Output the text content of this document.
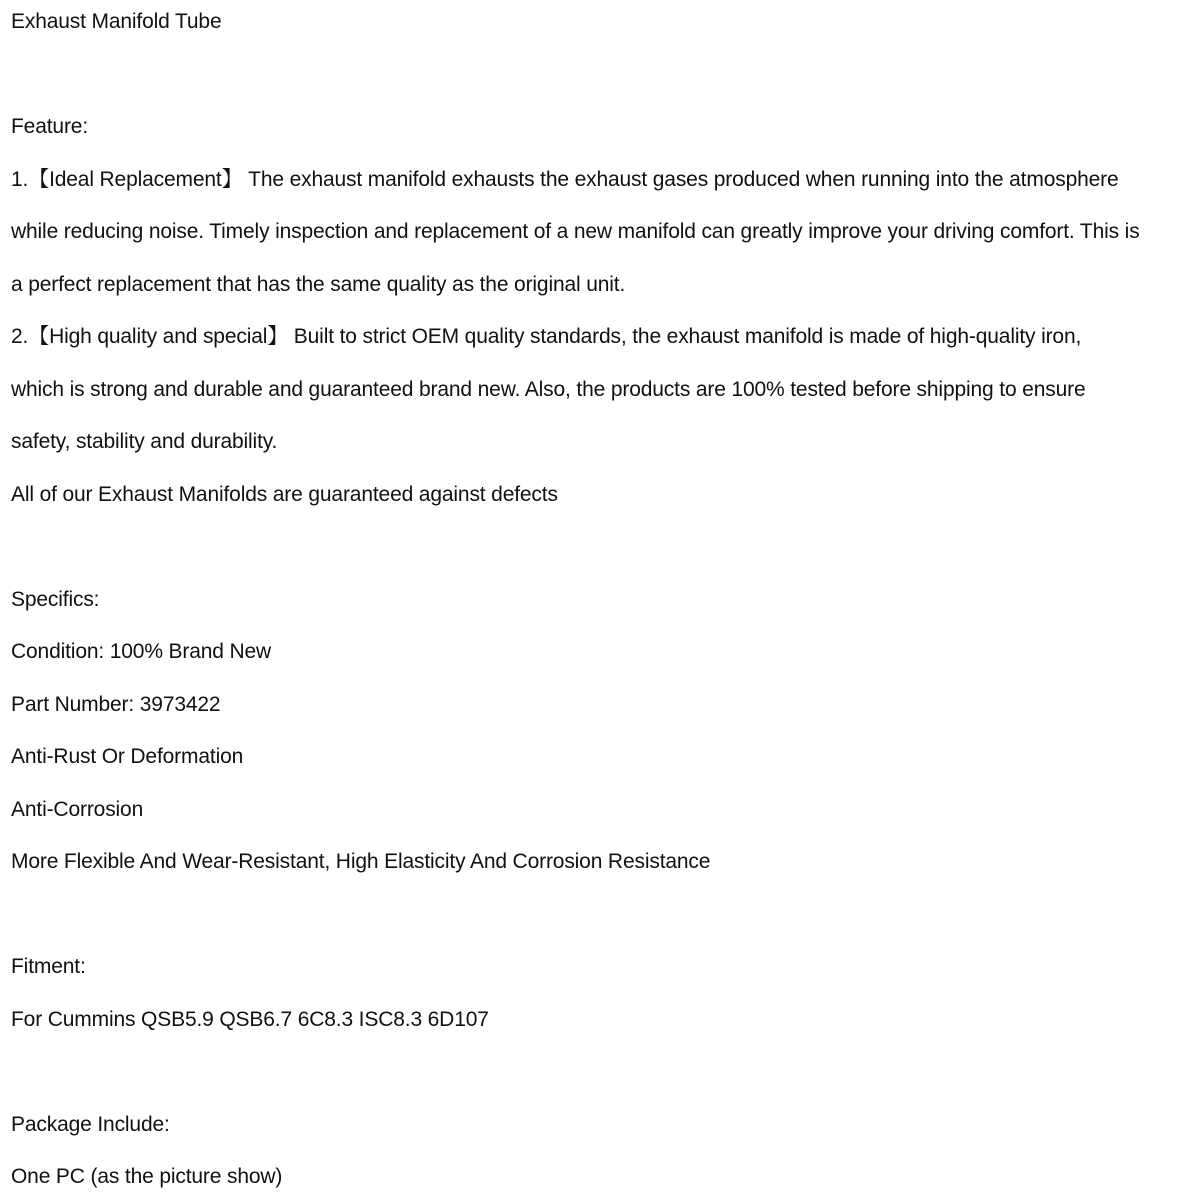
Exhaust Manifold Tube

Feature:

1.【Ideal Replacement】 The exhaust manifold exhausts the exhaust gases produced when running into the atmosphere

while reducing noise. Timely inspection and replacement of a new manifold can greatly improve your driving comfort. This is

a perfect replacement that has the same quality as the original unit.

2.【High quality and special】 Built to strict OEM quality standards, the exhaust manifold is made of high-quality iron,

which is strong and durable and guaranteed brand new. Also, the products are 100% tested before shipping to ensure

safety, stability and durability.

All of our Exhaust Manifolds are guaranteed against defects

Specifics:

Condition: 100% Brand New

Part Number: 3973422

Anti-Rust Or Deformation

Anti-Corrosion

More Flexible And Wear-Resistant, High Elasticity And Corrosion Resistance

Fitment:

For Cummins QSB5.9 QSB6.7 6C8.3 ISC8.3 6D107

Package Include:

One PC (as the picture show)
